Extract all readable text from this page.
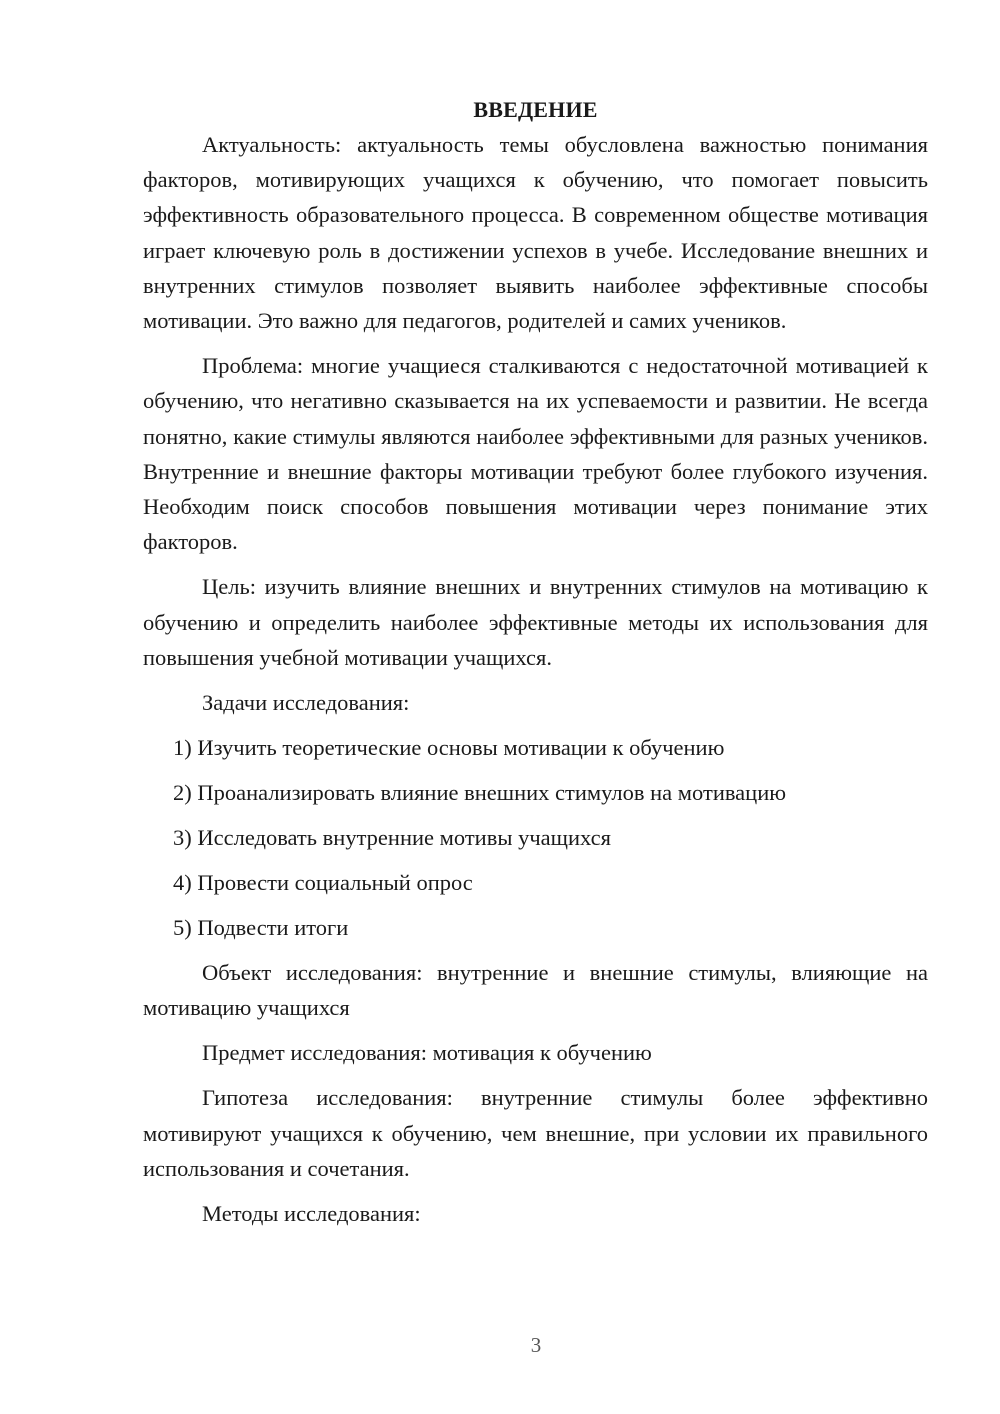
ВВЕДЕНИЕ

Актуальность: актуальность темы обусловлена важностью понимания факторов, мотивирующих учащихся к обучению, что помогает повысить эффективность образовательного процесса. В современном обществе мотивация играет ключевую роль в достижении успехов в учебе. Исследование внешних и внутренних стимулов позволяет выявить наиболее эффективные способы мотивации. Это важно для педагогов, родителей и самих учеников.

Проблема: многие учащиеся сталкиваются с недостаточной мотивацией к обучению, что негативно сказывается на их успеваемости и развитии. Не всегда понятно, какие стимулы являются наиболее эффективными для разных учеников. Внутренние и внешние факторы мотивации требуют более глубокого изучения. Необходим поиск способов повышения мотивации через понимание этих факторов.

Цель: изучить влияние внешних и внутренних стимулов на мотивацию к обучению и определить наиболее эффективные методы их использования для повышения учебной мотивации учащихся.

Задачи исследования:

1) Изучить теоретические основы мотивации к обучению

2) Проанализировать влияние внешних стимулов на мотивацию

3) Исследовать внутренние мотивы учащихся

4) Провести социальный опрос

5) Подвести итоги

Объект исследования: внутренние и внешние стимулы, влияющие на мотивацию учащихся

Предмет исследования: мотивация к обучению

Гипотеза исследования: внутренние стимулы более эффективно мотивируют учащихся к обучению, чем внешние, при условии их правильного использования и сочетания.

Методы исследования:

3
